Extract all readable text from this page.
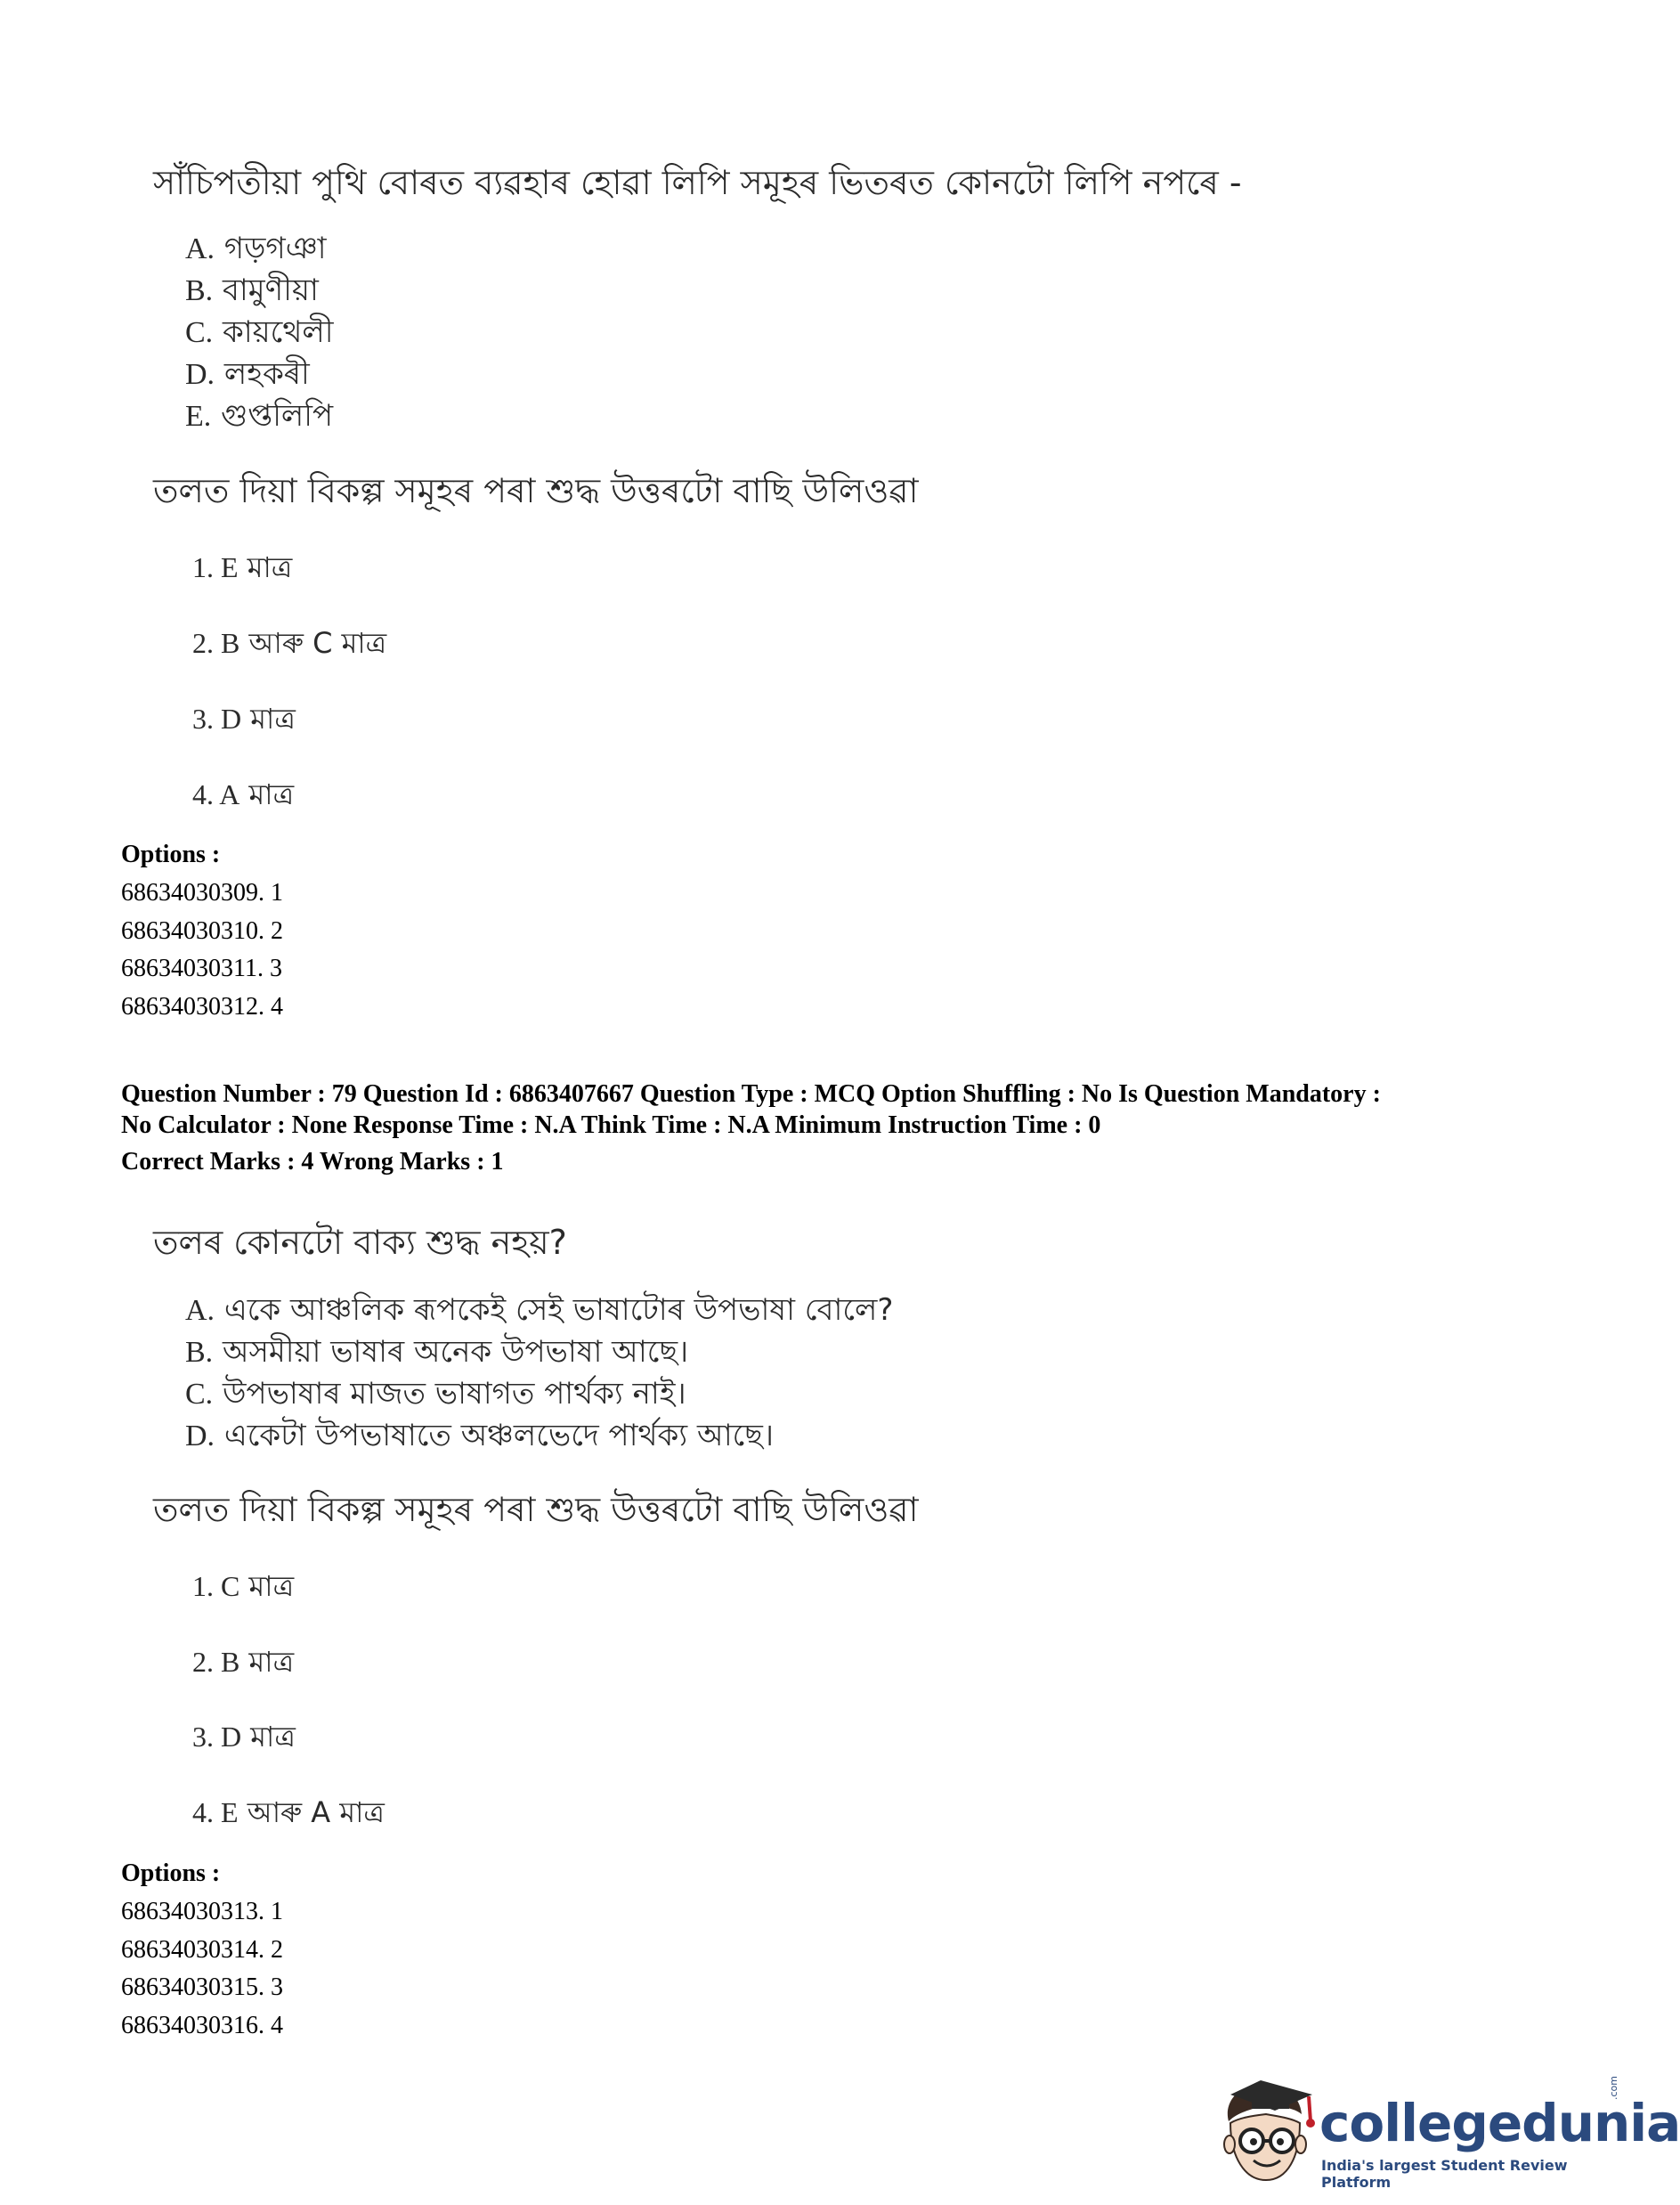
সাঁচিপতীয়া পুথি বোৰত ব্যৱহাৰ হোৱা লিপি সমূহৰ ভিতৰত কোনটো লিপি নপৰে -
A. গড়গঞা
B. বামুণীয়া
C. কায়থেলী
D. লহকৰী
E. গুপ্তলিপি
তলত দিয়া বিকল্প সমূহৰ পৰা শুদ্ধ উত্তৰটো বাছি উলিওৱা
1. E মাত্ৰ
2. B আৰু C মাত্ৰ
3. D মাত্ৰ
4. A মাত্ৰ
Options :
68634030309. 1
68634030310. 2
68634030311. 3
68634030312. 4
Question Number : 79 Question Id : 6863407667 Question Type : MCQ Option Shuffling : No Is Question Mandatory :
No Calculator : None Response Time : N.A Think Time : N.A Minimum Instruction Time : 0
Correct Marks : 4 Wrong Marks : 1
তলৰ কোনটো বাক্য শুদ্ধ নহয়?
A. একে আঞ্চলিক ৰূপকেই সেই ভাষাটোৰ উপভাষা বোলে?
B. অসমীয়া ভাষাৰ অনেক উপভাষা আছে।
C. উপভাষাৰ মাজত ভাষাগত পাৰ্থক্য নাই।
D. একেটা উপভাষাতে অঞ্চলভেদে পাৰ্থক্য আছে।
তলত দিয়া বিকল্প সমূহৰ পৰা শুদ্ধ উত্তৰটো বাছি উলিওৱা
1. C মাত্ৰ
2. B মাত্ৰ
3. D মাত্ৰ
4. E আৰু A মাত্ৰ
Options :
68634030313. 1
68634030314. 2
68634030315. 3
68634030316. 4
collegedunia
.com
India's largest Student Review Platform
